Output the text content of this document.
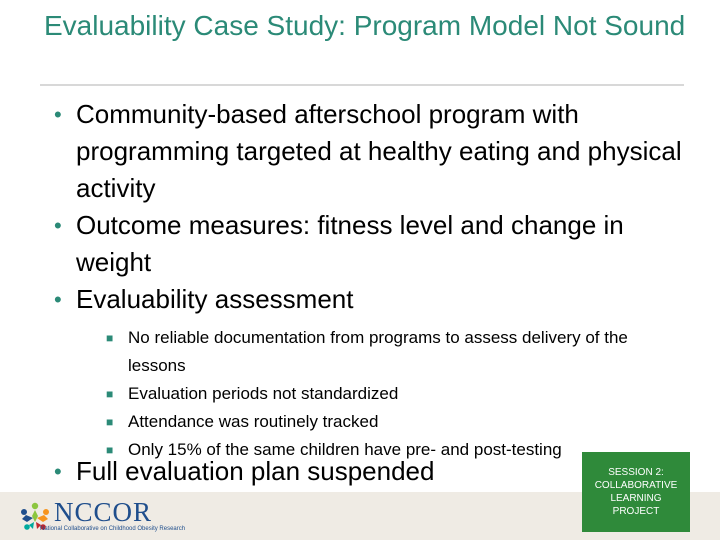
Evaluability Case Study: Program Model Not Sound
• Community-based afterschool program with programming targeted at healthy eating and physical activity
• Outcome measures: fitness level and change in weight
• Evaluability assessment
■ No reliable documentation from programs to assess delivery of the lessons
■ Evaluation periods not standardized
■ Attendance was routinely tracked
■ Only 15% of the same children have pre- and post-testing
• Full evaluation plan suspended
NCCOR
National Collaborative on Childhood Obesity Research
SESSION 2:
COLLABORATIVE
LEARNING
PROJECT
